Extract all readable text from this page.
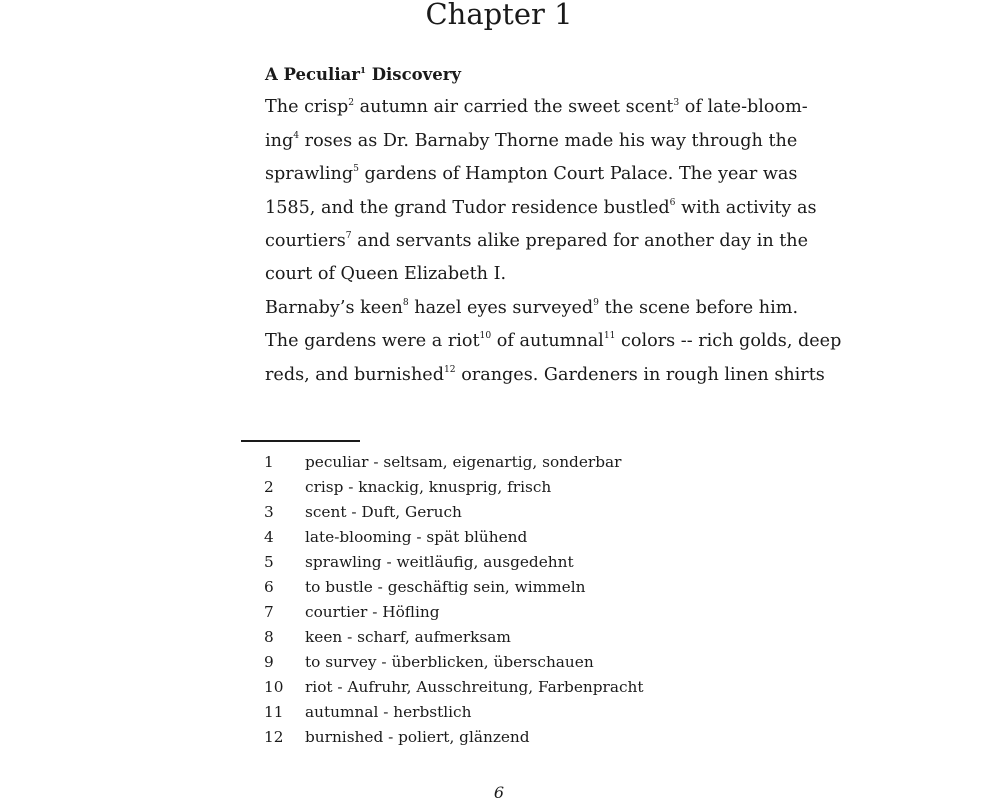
Chapter 1
A Peculiar$^1$ Discovery

The crisp$^2$ autumn air carried the sweet scent$^3$ of late-bloom-
ing$^4$ roses as Dr. Barnaby Thorne made his way through the
sprawling$^5$ gardens of Hampton Court Palace. The year was
1585, and the grand Tudor residence bustled$^6$ with activity as
courtiers$^7$ and servants alike prepared for another day in the
court of Queen Elizabeth I.

Barnaby’s keen$^8$ hazel eyes surveyed$^9$ the scene before him.
The gardens were a riot$^{10}$ of autumnal$^{11}$ colors -- rich golds, deep
reds, and burnished$^{12}$ oranges. Gardeners in rough linen shirts

1	peculiar - seltsam, eigenartig, sonderbar
2	crisp - knackig, knusprig, frisch
3	scent - Duft, Geruch
4	late-blooming - spät blühend
5	sprawling - weitläufig, ausgedehnt
6	to bustle - geschäftig sein, wimmeln
7	courtier - Höfling
8	keen - scharf, aufmerksam
9	to survey - überblicken, überschauen
10	riot - Aufruhr, Ausschreitung, Farbenpracht
11	autumnal - herbstlich
12	burnished - poliert, glänzend
6
